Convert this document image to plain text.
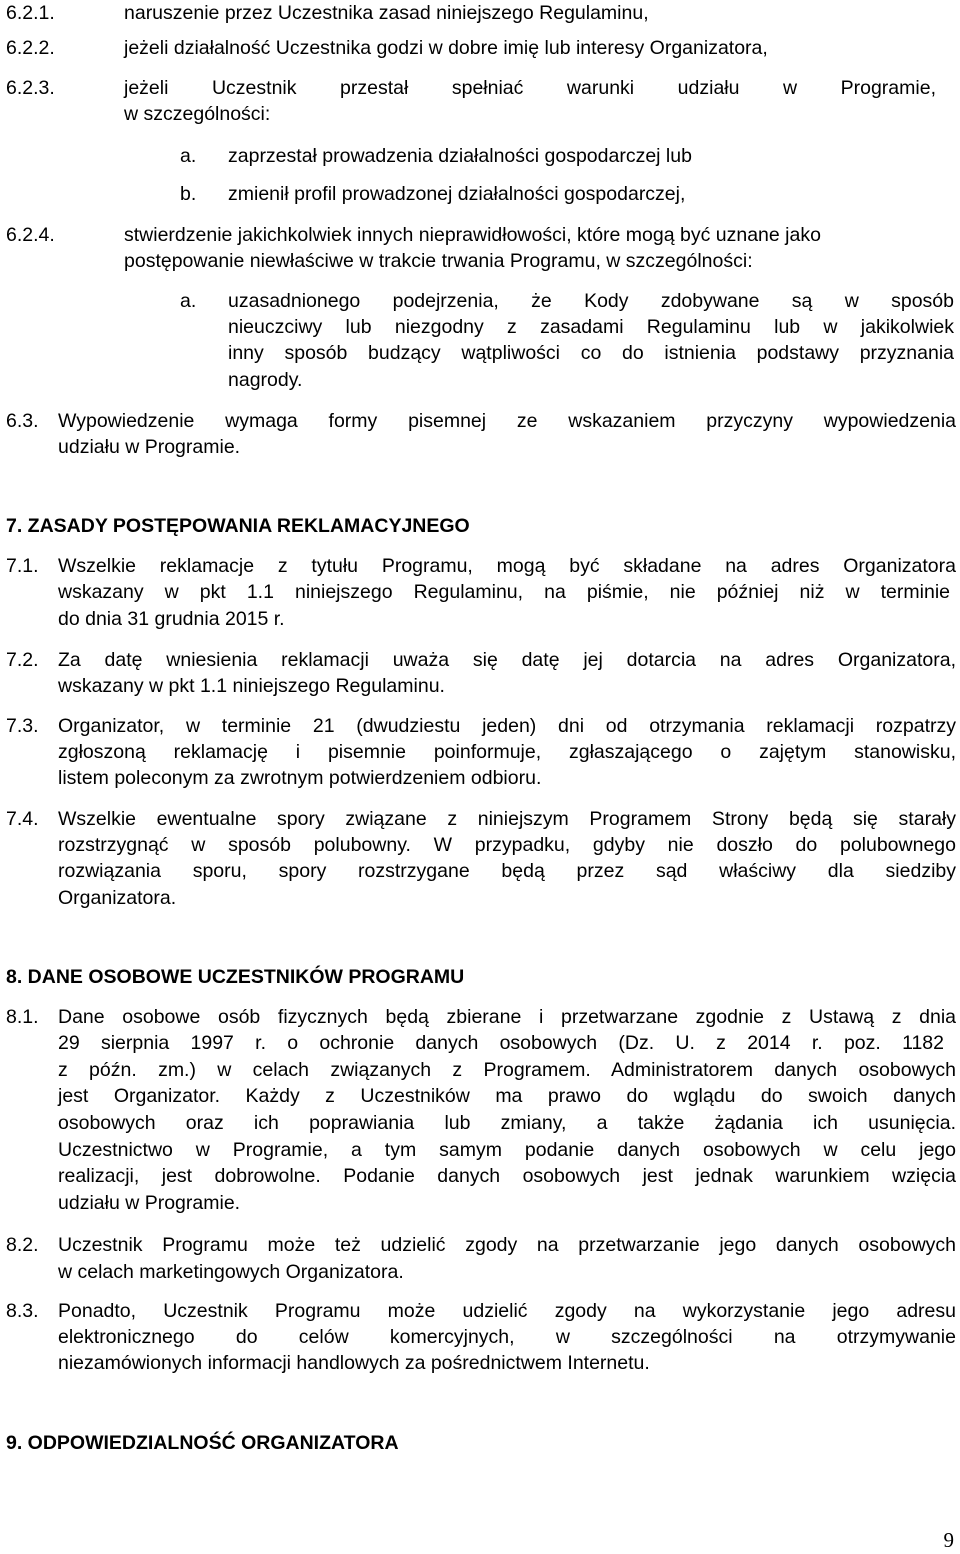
6.2.1.	naruszenie przez Uczestnika zasad niniejszego Regulaminu,
6.2.2.	jeżeli działalność Uczestnika godzi w dobre imię lub interesy Organizatora,
6.2.3.	jeżeli Uczestnik przestał spełniać warunki udziału w Programie,
w szczególności:
a. zaprzestał prowadzenia działalności gospodarczej lub
b. zmienił profil prowadzonej działalności gospodarczej,
6.2.4.	stwierdzenie jakichkolwiek innych nieprawidłowości, które mogą być uznane jako
postępowanie niewłaściwe w trakcie trwania Programu, w szczególności:
a. uzasadnionego podejrzenia, że Kody zdobywane są w sposób
nieuczciwy lub niezgodny z zasadami Regulaminu lub w jakikolwiek
inny sposób budzący wątpliwości co do istnienia podstawy przyznania
nagrody.
6.3. Wypowiedzenie wymaga formy pisemnej ze wskazaniem przyczyny wypowiedzenia
udziału w Programie.
7. ZASADY POSTĘPOWANIA REKLAMACYJNEGO
7.1. Wszelkie reklamacje z tytułu Programu, mogą być składane na adres Organizatora
wskazany w pkt 1.1 niniejszego Regulaminu, na piśmie, nie później niż w terminie
do dnia 31 grudnia 2015 r.
7.2. Za datę wniesienia reklamacji uważa się datę jej dotarcia na adres Organizatora,
wskazany w pkt 1.1 niniejszego Regulaminu.
7.3. Organizator, w terminie 21 (dwudziestu jeden) dni od otrzymania reklamacji rozpatrzy
zgłoszoną reklamację i pisemnie poinformuje, zgłaszającego o zajętym stanowisku,
listem poleconym za zwrotnym potwierdzeniem odbioru.
7.4. Wszelkie ewentualne spory związane z niniejszym Programem Strony będą się starały
rozstrzygnąć w sposób polubowny. W przypadku, gdyby nie doszło do polubownego
rozwiązania sporu, spory rozstrzygane będą przez sąd właściwy dla siedziby
Organizatora.
8. DANE OSOBOWE UCZESTNIKÓW PROGRAMU
8.1. Dane osobowe osób fizycznych będą zbierane i przetwarzane zgodnie z Ustawą z dnia
29 sierpnia 1997 r. o ochronie danych osobowych (Dz. U. z 2014 r. poz. 1182
z późn. zm.) w celach związanych z Programem. Administratorem danych osobowych
jest Organizator. Każdy z Uczestników ma prawo do wglądu do swoich danych
osobowych oraz ich poprawiania lub zmiany, a także żądania ich usunięcia.
Uczestnictwo w Programie, a tym samym podanie danych osobowych w celu jego
realizacji, jest dobrowolne. Podanie danych osobowych jest jednak warunkiem wzięcia
udziału w Programie.
8.2. Uczestnik Programu może też udzielić zgody na przetwarzanie jego danych osobowych
w celach marketingowych Organizatora.
8.3. Ponadto, Uczestnik Programu może udzielić zgody na wykorzystanie jego adresu
elektronicznego do celów komercyjnych, w szczególności na otrzymywanie
niezamówionych informacji handlowych za pośrednictwem Internetu.
9. ODPOWIEDZIALNOŚĆ ORGANIZATORA
9
